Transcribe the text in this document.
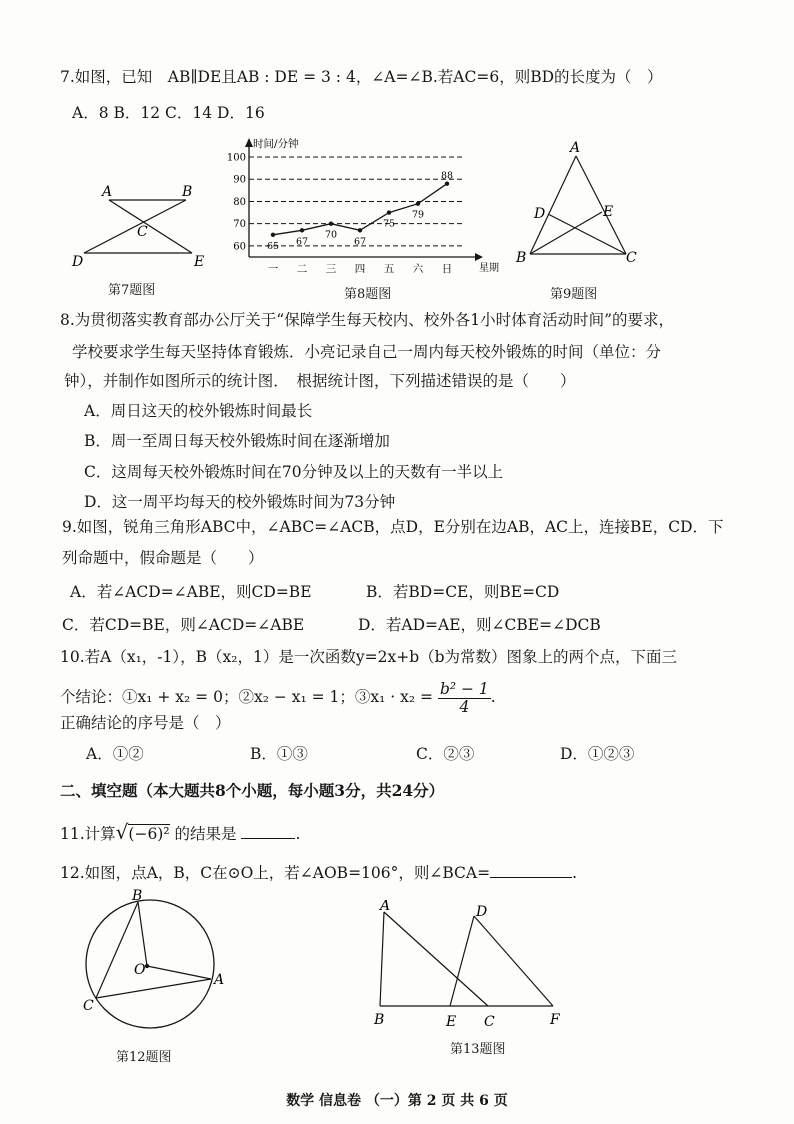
7.如图，已知　AB∥DE且AB : DE = 3 : 4，∠A=∠B.若AC=6，则BD的长度为（　）
A．8 B．12 C．14 D．16
A	B
C
D	E
第7题图
时间/分钟
星期
60
70
80
90
100
一 二 三 四 五 六 日
65 67
70
67
75
79
88
第8题图
A
D	E
B	C
第9题图
8.为贯彻落实教育部办公厅关于“保障学生每天校内、校外各1小时体育活动时间”的要求，
学校要求学生每天坚持体育锻炼．小亮记录自己一周内每天校外锻炼的时间（单位：分
钟），并制作如图所示的统计图．　根据统计图，下列描述错误的是（　　）
A．周日这天的校外锻炼时间最长
B．周一至周日每天校外锻炼时间在逐渐增加
C．这周每天校外锻炼时间在70分钟及以上的天数有一半以上
D．这一周平均每天的校外锻炼时间为73分钟
9.如图，锐角三角形ABC中，∠ABC=∠ACB，点D，E分别在边AB，AC上，连接BE，CD．下
列命题中，假命题是（　　）
A．若∠ACD=∠ABE，则CD=BE	B．若BD=CE，则BE=CD
C．若CD=BE，则∠ACD=∠ABE	D．若AD=AE，则∠CBE=∠DCB
10.若A（x₁，-1），B（x₂，1）是一次函数y=2x+b（b为常数）图象上的两个点，下面三
个结论：①x₁ + x₂ = 0；②x₂ − x₁ = 1；③x₁ · $x_2 = \frac{\text{b² − 1}}{4}$ .
正确结论的序号是（　）
A．①②	B．①③	C．②③	D．①②③
二、填空题（本大题共8个小题，每小题3分，共24分）
11.计算√(−6)² 的结果是	.
12.如图，点A，B，C在⊙O上，若∠AOB=106°，则∠BCA=	.
B
O
A
C
第12题图
A	D
B	E C	F
第13题图
数学 信息卷 （一）第 2 页 共 6 页
